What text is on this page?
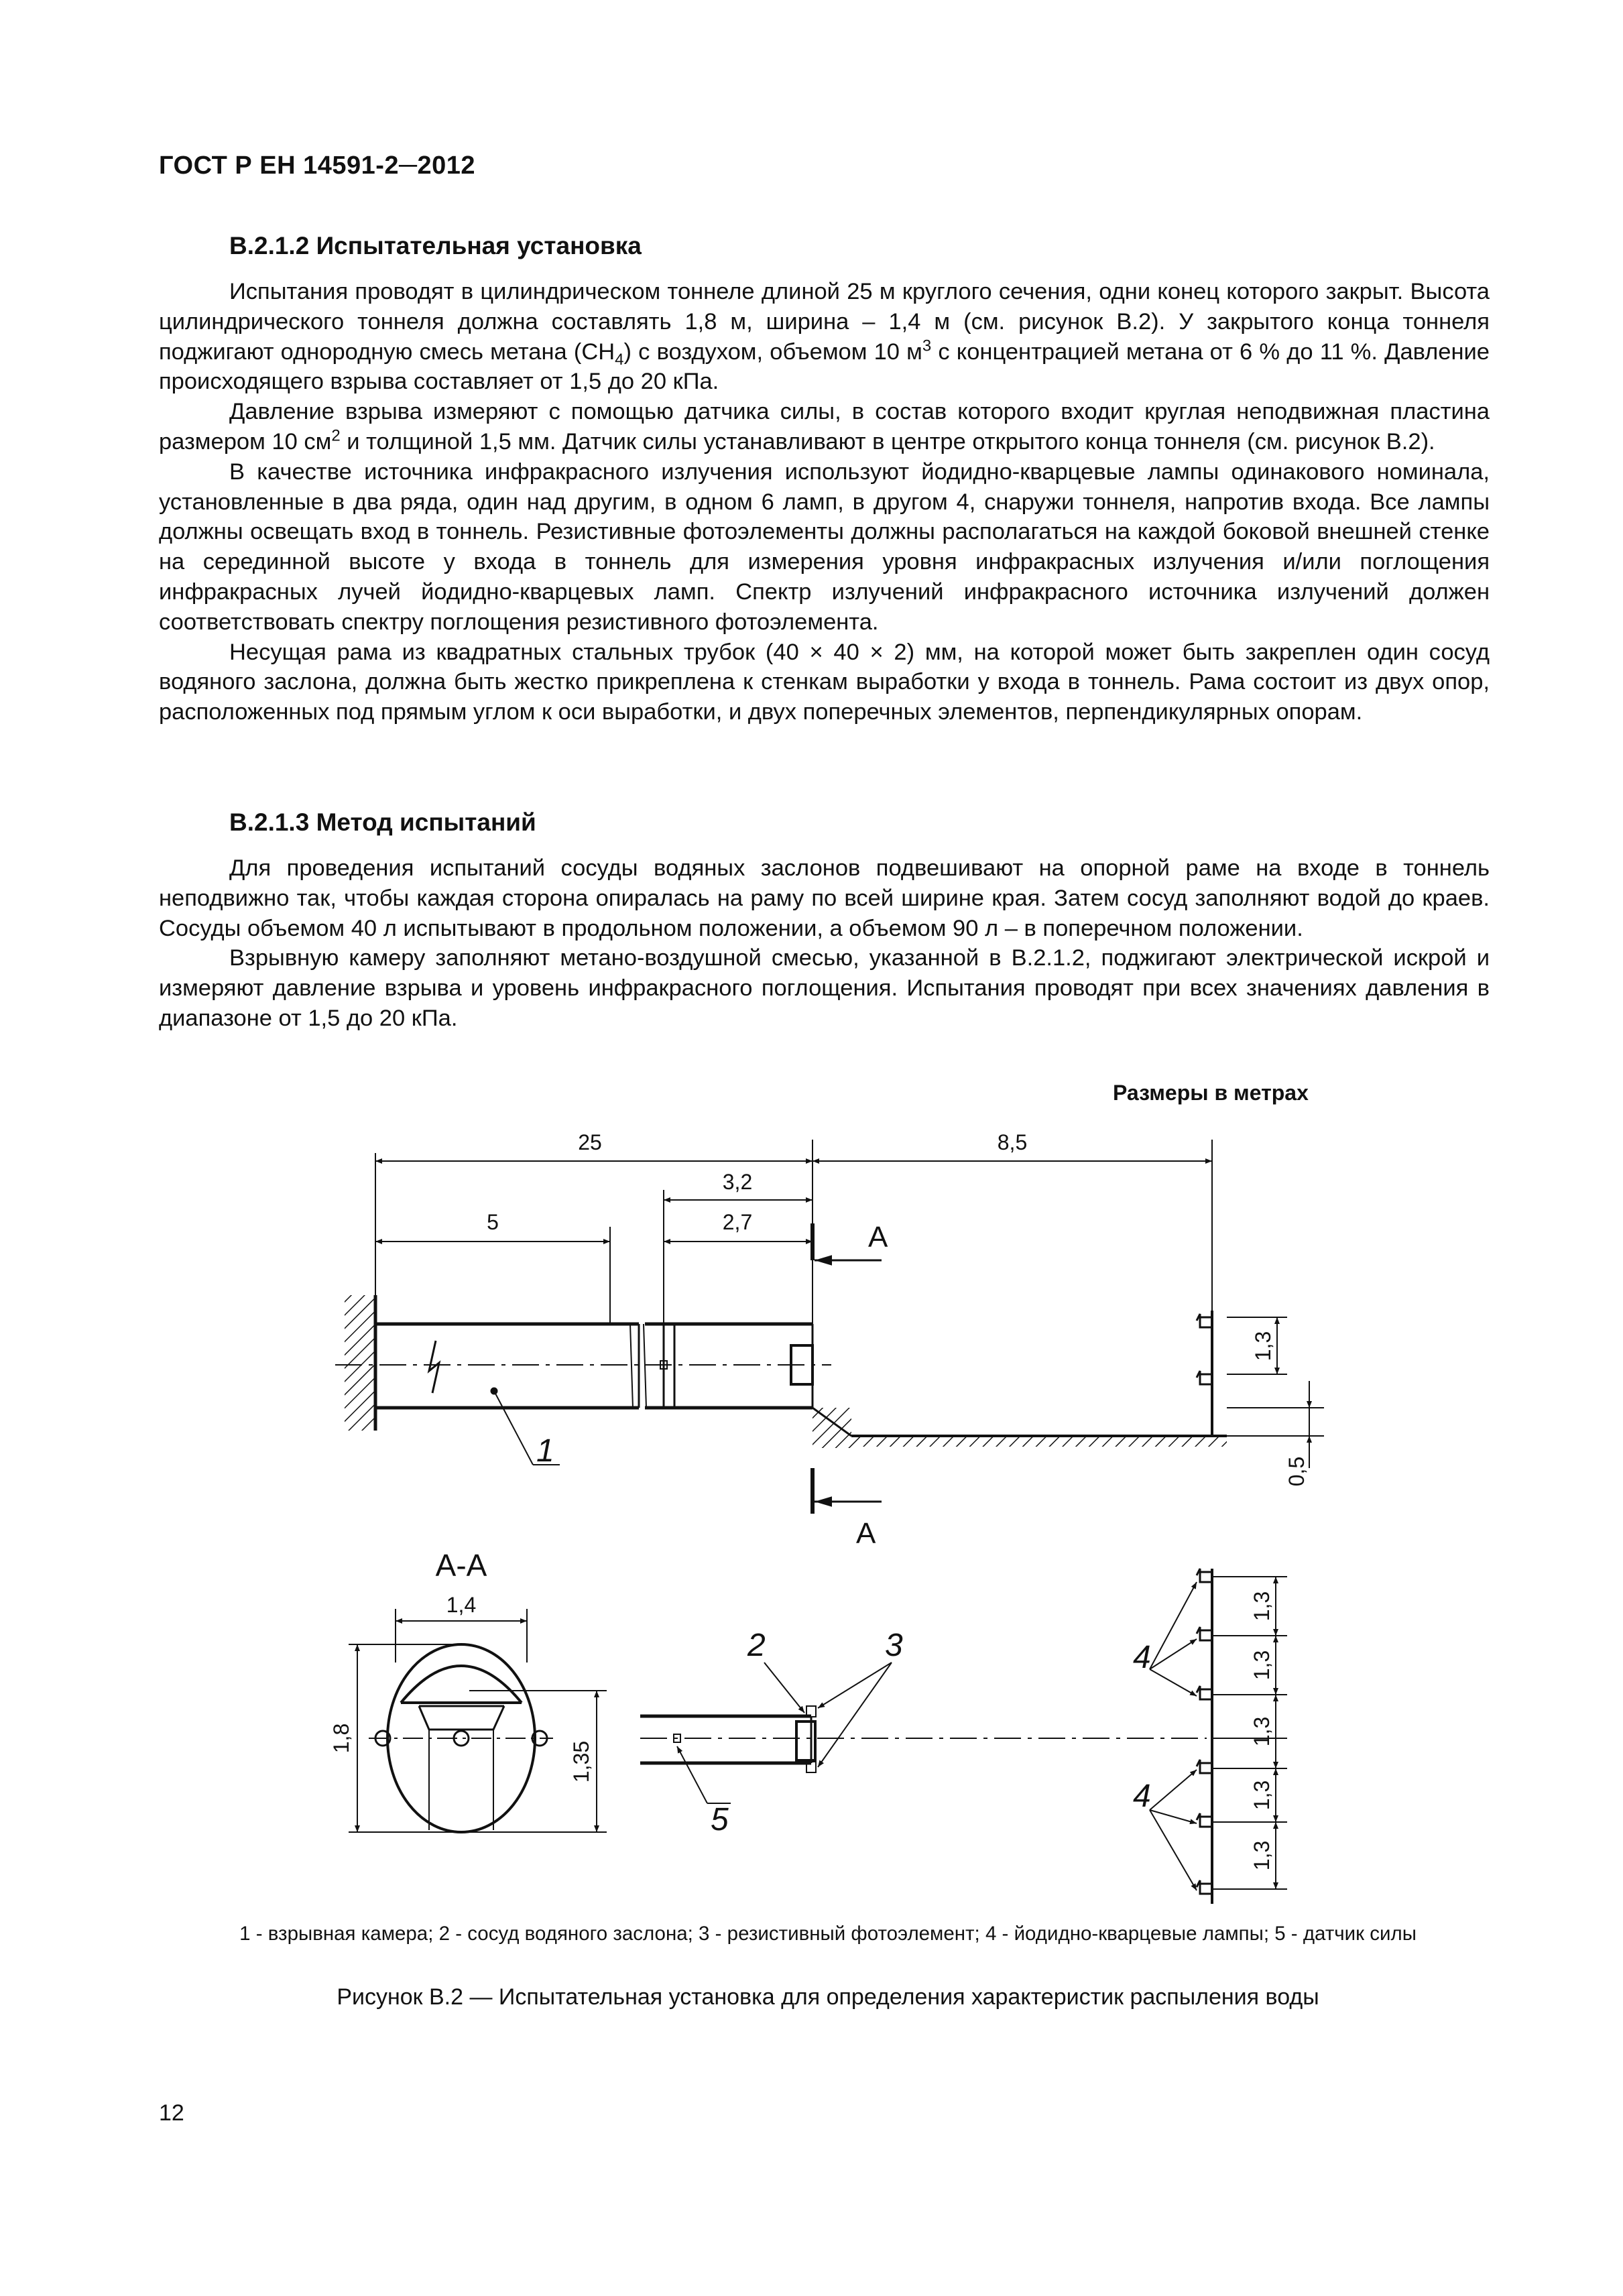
ГОСТ Р ЕН 14591-2─2012
В.2.1.2 Испытательная установка

Испытания проводят в цилиндрическом тоннеле длиной 25 м круглого сечения, одни конец которого закрыт. Высота цилиндрического тоннеля должна составлять 1,8 м, ширина – 1,4 м (см. рисунок В.2). У закрытого конца тоннеля поджигают однородную смесь метана $(CH_4)$ с воздухом, объемом 10 $м^3$ с концентрацией метана от 6 % до 11 %. Давление происходящего взрыва составляет от 1,5 до 20 кПа.

Давление взрыва измеряют с помощью датчика силы, в состав которого входит круглая неподвижная пластина размером 10 $см^2$ и толщиной 1,5 мм. Датчик силы устанавливают в центре открытого конца тоннеля (см. рисунок В.2).

В качестве источника инфракрасного излучения используют йодидно-кварцевые лампы одинакового номинала, установленные в два ряда, один над другим, в одном 6 ламп, в другом 4, снаружи тоннеля, напротив входа. Все лампы должны освещать вход в тоннель. Резистивные фотоэлементы должны располагаться на каждой боковой внешней стенке на серединной высоте у входа в тоннель для измерения уровня инфракрасных излучения и/или поглощения инфракрасных лучей йодидно-кварцевых ламп. Спектр излучений инфракрасного источника излучений должен соответствовать спектру поглощения резистивного фотоэлемента.

Несущая рама из квадратных стальных трубок (40 × 40 × 2) мм, на которой может быть закреплен один сосуд водяного заслона, должна быть жестко прикреплена к стенкам выработки у входа в тоннель. Рама состоит из двух опор, расположенных под прямым углом к оси выработки, и двух поперечных элементов, перпендикулярных опорам.

В.2.1.3 Метод испытаний

Для проведения испытаний сосуды водяных заслонов подвешивают на опорной раме на входе в тоннель неподвижно так, чтобы каждая сторона опиралась на раму по всей ширине края. Затем сосуд заполняют водой до краев. Сосуды объемом 40 л испытывают в продольном положении, а объемом 90 л – в поперечном положении.

Взрывную камеру заполняют метано-воздушной смесью, указанной в В.2.1.2, поджигают электрической искрой и измеряют давление взрыва и уровень инфракрасного поглощения. Испытания проводят при всех значениях давления в диапазоне от 1,5 до 20 кПа.

Размеры в метрах
25	8,5
3,2
5	2,7
1,3
0,5
A
A
A-A
1,4
1,8
1,35
1,3
1,3
1,3
1,3
1,3
1
2	3
5
4
4
1 - взрывная камера; 2 - сосуд водяного заслона; 3 - резистивный фотоэлемент; 4 - йодидно-кварцевые лампы; 5 - датчик силы
Рисунок В.2 — Испытательная установка для определения характеристик распыления воды
12
